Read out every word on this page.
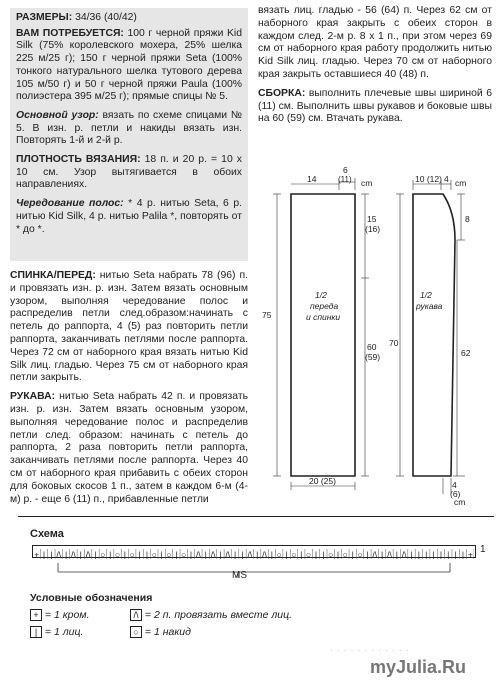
РАЗМЕРЫ: 34/36 (40/42)

ВАМ ПОТРЕБУЕТСЯ: 100 г черной пряжи Kid Silk (75% королевского мохера, 25% шелка 225 м/25 г); 150 г черной пряжи Seta (100% тонкого натурального шелка тутового дерева 105 м/50 г) и 50 г черной пряжи Paula (100% полиэстера 395 м/25 г); прямые спицы № 5.

Основной узор: вязать по схеме спицами № 5. В изн. р. петли и накиды вязать изн. Повторять 1-й и 2-й р.

ПЛОТНОСТЬ ВЯЗАНИЯ: 18 п. и 20 р. = 10 x 10 см. Узор вытягивается в обоих направлениях.

Чередование полос: * 4 р. нитью Seta, 6 р. нитью Kid Silk, 4 р. нитью Palila *, повторять от * до *.

СПИНКА/ПЕРЕД: нитью Seta набрать 78 (96) п. и провязать изн. р. изн. Затем вязать основным узором, выполняя чередование полос и распределив петли след.образом:начинать с петель до раппорта, 4 (5) раз повторить петли раппорта, заканчивать петлями после раппорта. Через 72 см от наборного края вязать нитью Kid Silk лиц. гладью. Через 75 см от наборного края петли закрыть.

РУКАВА: нитью Seta набрать 42 п. и провязать изн. р. изн. Затем вязать основным узором, выполняя чередование полос и распределив петли след. образом: начинать с петель до раппорта, 2 раза повторить петли раппорта, заканчивать петлями после раппорта. Через 40 см от наборного края прибавить с обеих сторон для боковых скосов 1 п., затем в каждом 6-м (4-м) р. - еще 6 (11) п., прибавленные петли

вязать лиц. гладью - 56 (64) п. Через 62 см от наборного края закрыть с обеих сторон в каждом след. 2-м р. 8 x 1 п., при этом через 69 см от наборного края работу продолжить нитью Kid Silk лиц. гладью. Через 70 см от наборного края закрыть оставшиеся 40 (48) п.

СБОРКА: выполнить плечевые швы шириной 6 (11) см. Выполнить швы рукавов и боковые швы на 60 (59) см. Втачать рукава.

14
6
(11) cm
15
(16)
75
60
(59)
20 (25)
1/2
переда
и спинки
10 (12) 4 cm
8
70
62
1/2
рукава
4
(6)
cm
Схема
+ | | /\ | /\ | /\ | ○ | ○ | ○ | | ○ | ○ | ○ | /\ | /\ | /\ | | /\ | /\ | ○ | ○ | ○ | | ○ | ○ | ○ | /\ | /\ | /\ | | | | | | | | + 1
MS
Условные обозначения
+ = 1 кром.
| = 1 лиц.
/\ = 2 п. провязать вместе лиц.
○ = 1 накид
· · · · · · · · · · · ·
myJulia.Ru
